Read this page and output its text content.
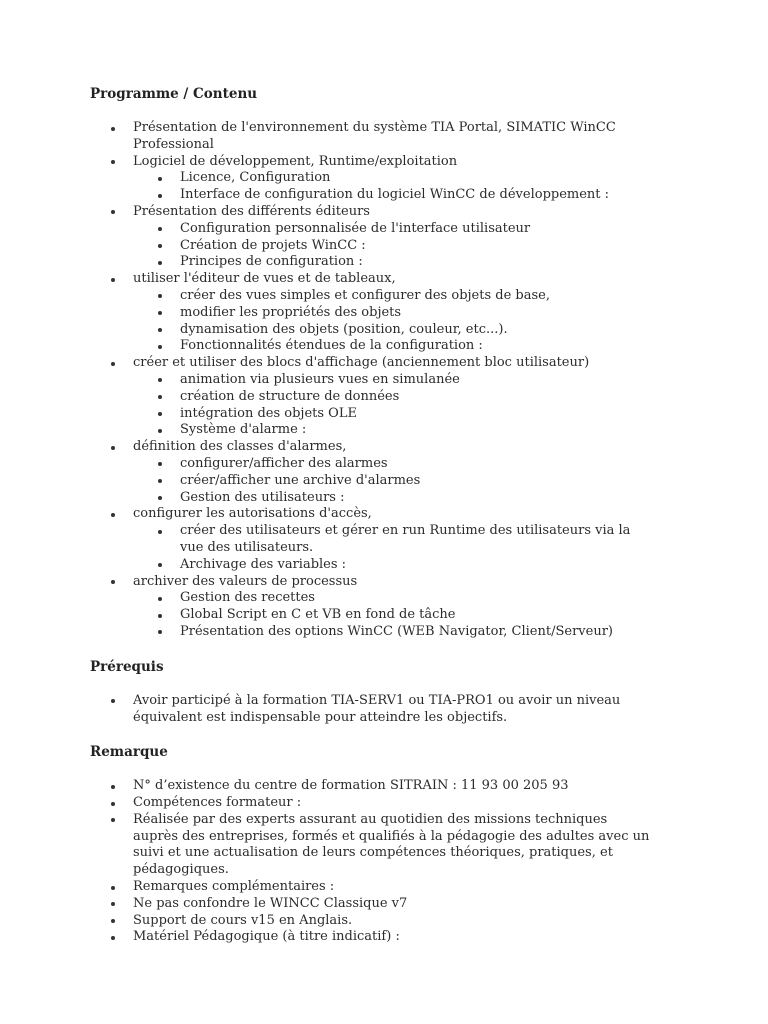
Programme / Contenu
Présentation de l'environnement du système TIA Portal, SIMATIC WinCC Professional
Logiciel de développement, Runtime/exploitation
Licence, Configuration
Interface de configuration du logiciel WinCC de développement :
Présentation des différents éditeurs
Configuration personnalisée de l'interface utilisateur
Création de projets WinCC :
Principes de configuration :
utiliser l'éditeur de vues et de tableaux,
créer des vues simples et configurer des objets de base,
modifier les propriétés des objets
dynamisation des objets (position, couleur, etc...).
Fonctionnalités étendues de la configuration :
créer et utiliser des blocs d'affichage (anciennement bloc utilisateur)
animation via plusieurs vues en simulanée
création de structure de données
intégration des objets OLE
Système d'alarme :
définition des classes d'alarmes,
configurer/afficher des alarmes
créer/afficher une archive d'alarmes
Gestion des utilisateurs :
configurer les autorisations d'accès,
créer des utilisateurs et gérer en run Runtime des utilisateurs via la vue des utilisateurs.
Archivage des variables :
archiver des valeurs de processus
Gestion des recettes
Global Script en C et VB en fond de tâche
Présentation des options WinCC (WEB Navigator, Client/Serveur)
Prérequis
Avoir participé à la formation TIA-SERV1 ou TIA-PRO1 ou avoir un niveau équivalent est indispensable pour atteindre les objectifs.
Remarque
N° d’existence du centre de formation SITRAIN : 11 93 00 205 93
Compétences formateur :
Réalisée par des experts assurant au quotidien des missions techniques auprès des entreprises, formés et qualifiés à la pédagogie des adultes avec un suivi et une actualisation de leurs compétences théoriques, pratiques, et pédagogiques.
Remarques complémentaires :
Ne pas confondre le WINCC Classique v7
Support de cours v15 en Anglais.
Matériel Pédagogique (à titre indicatif) :
